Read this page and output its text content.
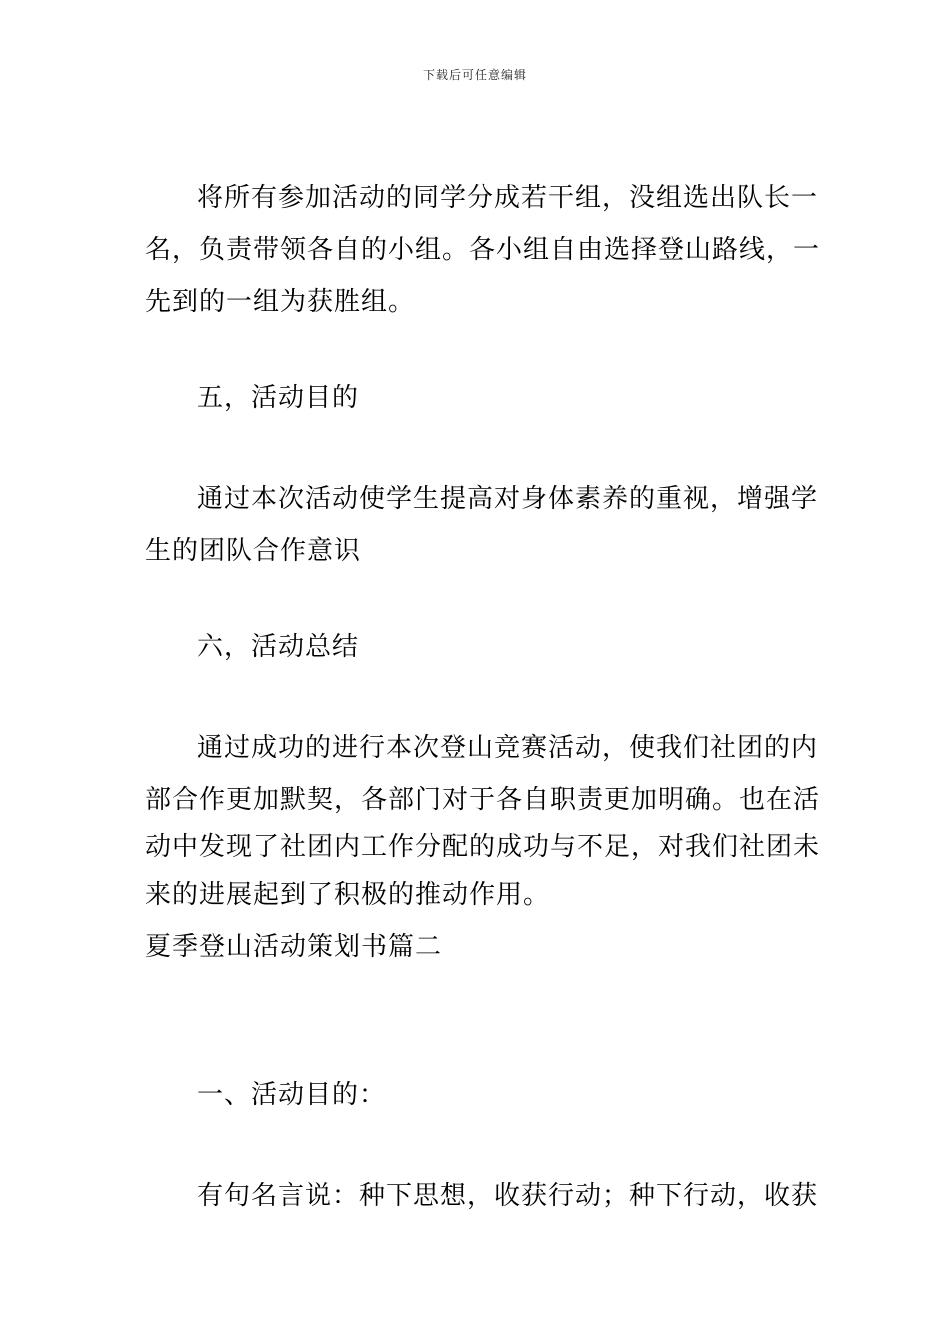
下载后可任意编辑
将所有参加活动的同学分成若干组，没组选出队长一
名，负责带领各自的小组。各小组自由选择登山路线，一
先到的一组为获胜组。
五，活动目的
通过本次活动使学生提高对身体素养的重视，增强学
生的团队合作意识
六，活动总结
通过成功的进行本次登山竞赛活动，使我们社团的内
部合作更加默契，各部门对于各自职责更加明确。也在活
动中发现了社团内工作分配的成功与不足，对我们社团未
来的进展起到了积极的推动作用。
夏季登山活动策划书篇二
一、活动目的：
有句名言说：种下思想，收获行动；种下行动，收获
